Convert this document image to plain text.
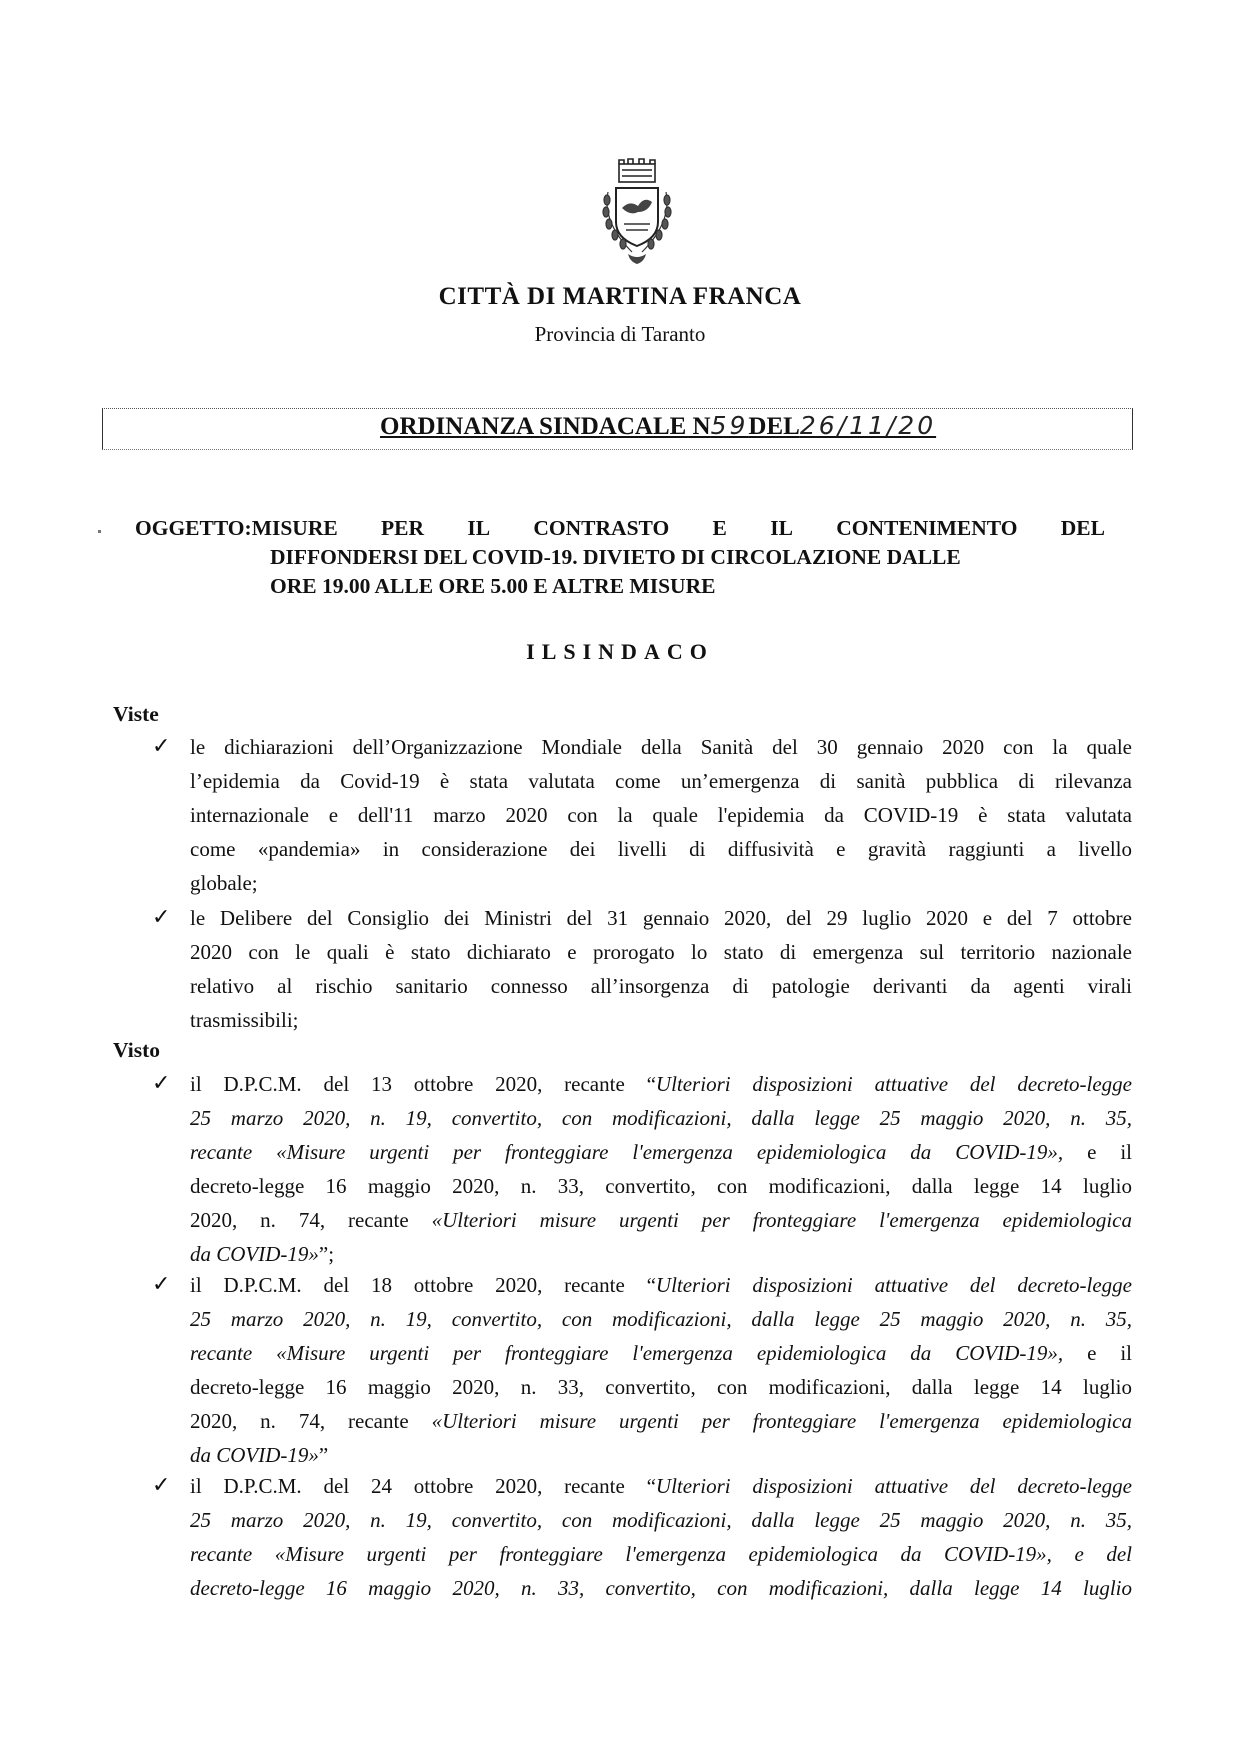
CITTÀ DI MARTINA FRANCA
Provincia di Taranto
ORDINANZA SINDACALE N59DEL26/11/20
OGGETTO:MISURE PER IL CONTRASTO E IL CONTENIMENTO DEL
DIFFONDERSI DEL COVID-19. DIVIETO DI CIRCOLAZIONE DALLE
ORE 19.00 ALLE ORE 5.00 E ALTRE MISURE
ILSINDACO
Viste
✓ le dichiarazioni dell’Organizzazione Mondiale della Sanità del 30 gennaio 2020 con la quale
l’epidemia da Covid-19 è stata valutata come un’emergenza di sanità pubblica di rilevanza
internazionale e dell'11 marzo 2020 con la quale l'epidemia da COVID-19 è stata valutata
come «pandemia» in considerazione dei livelli di diffusività e gravità raggiunti a livello
globale;
✓ le Delibere del Consiglio dei Ministri del 31 gennaio 2020, del 29 luglio 2020 e del 7 ottobre
2020 con le quali è stato dichiarato e prorogato lo stato di emergenza sul territorio nazionale
relativo al rischio sanitario connesso all’insorgenza di patologie derivanti da agenti virali
trasmissibili;
Visto
✓ il D.P.C.M. del 13 ottobre 2020, recante “Ulteriori disposizioni attuative del decreto-legge
25 marzo 2020, n. 19, convertito, con modificazioni, dalla legge 25 maggio 2020, n. 35,
recante «Misure urgenti per fronteggiare l'emergenza epidemiologica da COVID-19», e il
decreto-legge 16 maggio 2020, n. 33, convertito, con modificazioni, dalla legge 14 luglio
2020, n. 74, recante «Ulteriori misure urgenti per fronteggiare l'emergenza epidemiologica
da COVID-19»”;
✓ il D.P.C.M. del 18 ottobre 2020, recante “Ulteriori disposizioni attuative del decreto-legge
25 marzo 2020, n. 19, convertito, con modificazioni, dalla legge 25 maggio 2020, n. 35,
recante «Misure urgenti per fronteggiare l'emergenza epidemiologica da COVID-19», e il
decreto-legge 16 maggio 2020, n. 33, convertito, con modificazioni, dalla legge 14 luglio
2020, n. 74, recante «Ulteriori misure urgenti per fronteggiare l'emergenza epidemiologica
da COVID-19»”
✓ il D.P.C.M. del 24 ottobre 2020, recante “Ulteriori disposizioni attuative del decreto-legge
25 marzo 2020, n. 19, convertito, con modificazioni, dalla legge 25 maggio 2020, n. 35,
recante «Misure urgenti per fronteggiare l'emergenza epidemiologica da COVID-19», e del
decreto-legge 16 maggio 2020, n. 33, convertito, con modificazioni, dalla legge 14 luglio
